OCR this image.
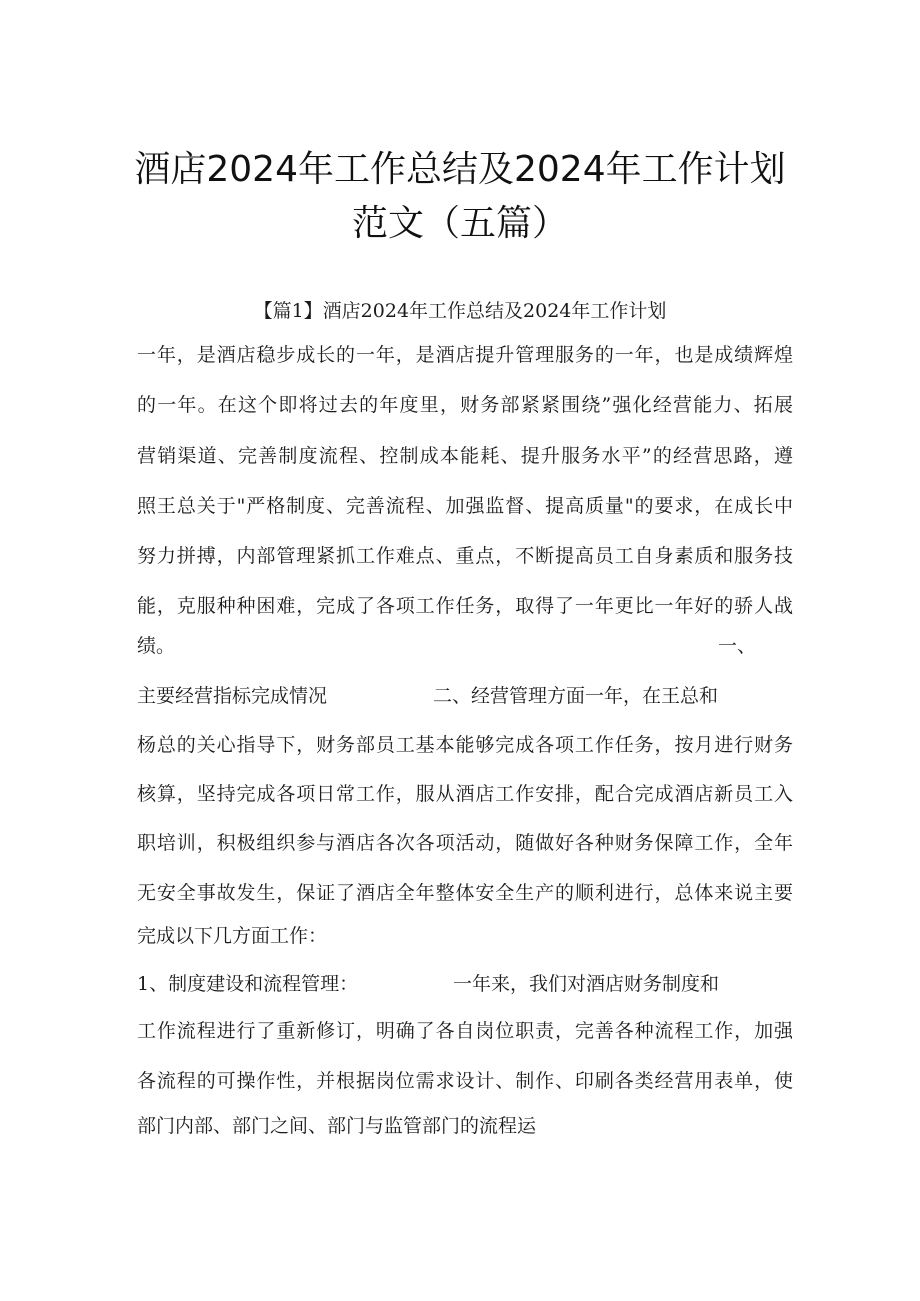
酒店2024年工作总结及2024年工作计划
范文（五篇）
【篇1】酒店2024年工作总结及2024年工作计划
一年，是酒店稳步成长的一年，是酒店提升管理服务的一年，也是成绩辉煌
的一年。在这个即将过去的年度里，财务部紧紧围绕”强化经营能力、拓展
营销渠道、完善制度流程、控制成本能耗、提升服务水平”的经营思路，遵
照王总关于"严格制度、完善流程、加强监督、提高质量"的要求，在成长中
努力拼搏，内部管理紧抓工作难点、重点，不断提高员工自身素质和服务技
能，克服种种困难，完成了各项工作任务，取得了一年更比一年好的骄人战
绩。	一、
主要经营指标完成情况	二、经营管理方面一年，在王总和
杨总的关心指导下，财务部员工基本能够完成各项工作任务，按月进行财务
核算，坚持完成各项日常工作，服从酒店工作安排，配合完成酒店新员工入
职培训，积极组织参与酒店各次各项活动，随做好各种财务保障工作，全年
无安全事故发生，保证了酒店全年整体安全生产的顺利进行，总体来说主要
完成以下几方面工作：
1、制度建设和流程管理：	一年来，我们对酒店财务制度和
工作流程进行了重新修订，明确了各自岗位职责，完善各种流程工作，加强
各流程的可操作性，并根据岗位需求设计、制作、印刷各类经营用表单，使
部门内部、部门之间、部门与监管部门的流程运
